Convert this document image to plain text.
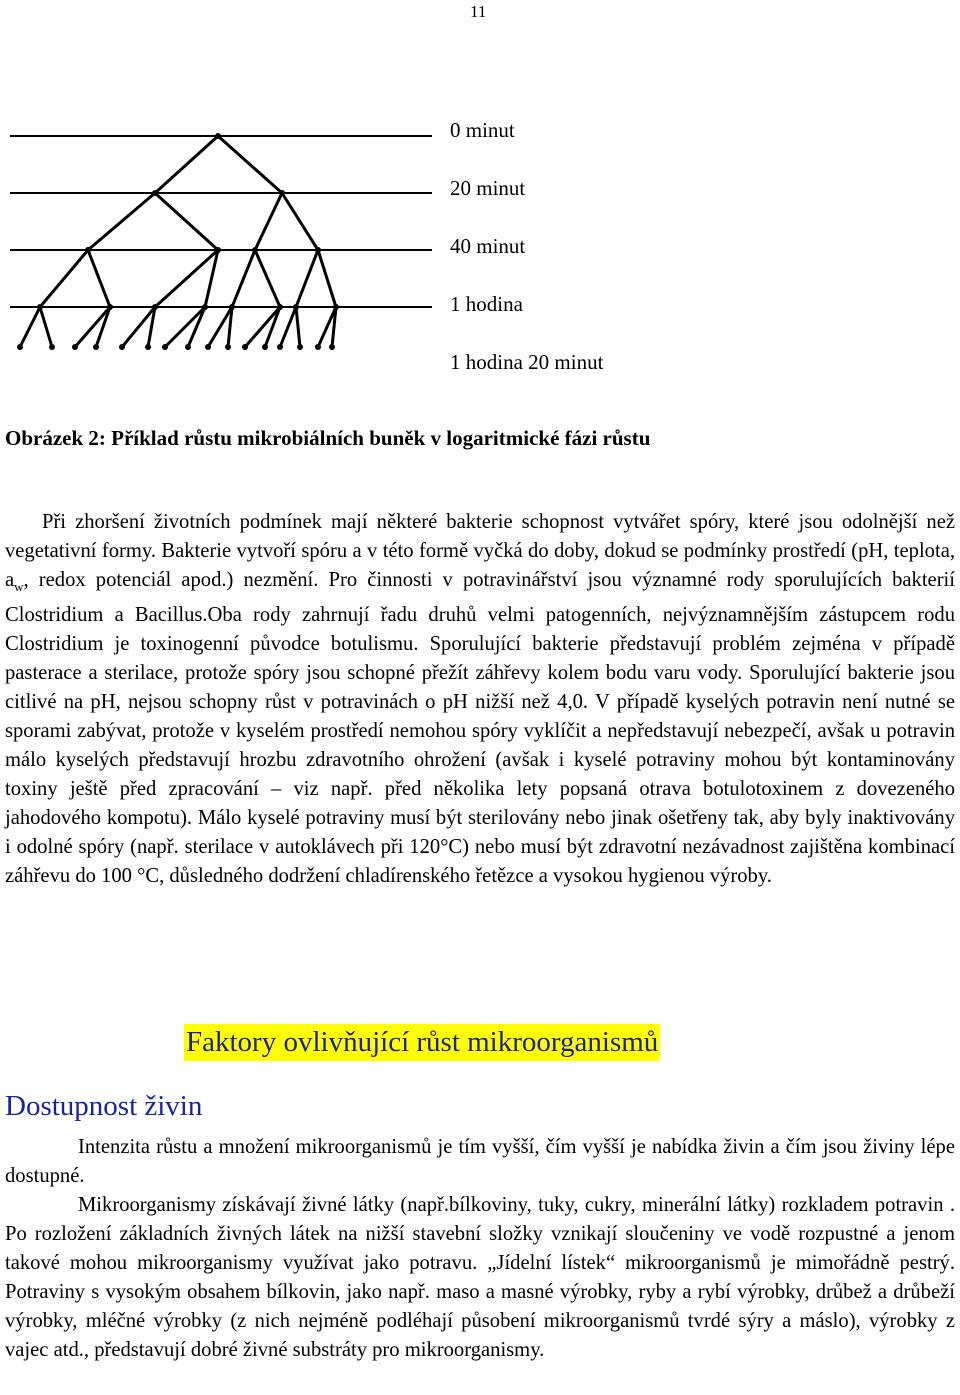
11
0 minut
20 minut
40 minut
1 hodina
1 hodina 20 minut
Obrázek 2: Příklad růstu mikrobiálních buněk v logaritmické fázi růstu

Při zhoršení životních podmínek mají některé bakterie schopnost vytvářet spóry, které jsou odolnější než vegetativní formy. Bakterie vytvoří spóru a v této formě vyčká do doby, dokud se podmínky prostředí (pH, teplota, $a_w$, redox potenciál apod.) nezmění. Pro činnosti v potravinářství jsou významné rody sporulujících bakterií Clostridium a Bacillus.Oba rody zahrnují řadu druhů velmi patogenních, nejvýznamnějším zástupcem rodu Clostridium je toxinogenní původce botulismu. Sporulující bakterie představují problém zejména v případě pasterace a sterilace, protože spóry jsou schopné přežít záhřevy kolem bodu varu vody. Sporulující bakterie jsou citlivé na pH, nejsou schopny růst v potravinách o pH nižší než 4,0. V případě kyselých potravin není nutné se sporami zabývat, protože v kyselém prostředí nemohou spóry vyklíčit a nepředstavují nebezpečí, avšak u potravin málo kyselých představují hrozbu zdravotního ohrožení (avšak i kyselé potraviny mohou být kontaminovány toxiny ještě před zpracování – viz např. před několika lety popsaná otrava botulotoxinem z dovezeného jahodového kompotu). Málo kyselé potraviny musí být sterilovány nebo jinak ošetřeny tak, aby byly inaktivovány i odolné spóry (např. sterilace v autoklávech při 120°C) nebo musí být zdravotní nezávadnost zajištěna kombinací záhřevu do 100 °C, důsledného dodržení chladírenského řetězce a vysokou hygienou výroby.

Faktory ovlivňující růst mikroorganismů
Dostupnost živin

Intenzita růstu a množení mikroorganismů je tím vyšší, čím vyšší je nabídka živin a čím jsou živiny lépe dostupné.

Mikroorganismy získávají živné látky (např.bílkoviny, tuky, cukry, minerální látky) rozkladem potravin . Po rozložení základních živných látek na nižší stavební složky vznikají sloučeniny ve vodě rozpustné a jenom takové mohou mikroorganismy využívat jako potravu. „Jídelní lístek“ mikroorganismů je mimořádně pestrý. Potraviny s vysokým obsahem bílkovin, jako např. maso a masné výrobky, ryby a rybí výrobky, drůbež a drůbeží výrobky, mléčné výrobky (z nich nejméně podléhají působení mikroorganismů tvrdé sýry a máslo), výrobky z vajec atd., představují dobré živné substráty pro mikroorganismy.
